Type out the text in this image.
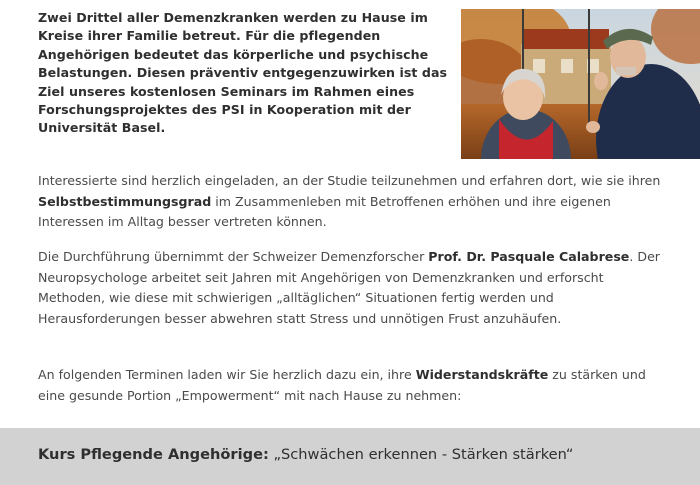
Zwei Drittel aller Demenzkranken werden zu Hause im Kreise ihrer Familie betreut. Für die pflegenden Angehörigen bedeutet das körperliche und psychische Belastungen. Diesen präventiv entgegenzuwirken ist das Ziel unseres kostenlosen Seminars im Rahmen eines Forschungsprojektes des PSI in Kooperation mit der Universität Basel.
Interessierte sind herzlich eingeladen, an der Studie teilzunehmen und erfahren dort, wie sie ihren Selbstbestimmungsgrad im Zusammenleben mit Betroffenen erhöhen und ihre eigenen Interessen im Alltag besser vertreten können.
Die Durchführung übernimmt der Schweizer Demenzforscher Prof. Dr. Pasquale Calabrese. Der Neuropsychologe arbeitet seit Jahren mit Angehörigen von Demenzkranken und erforscht Methoden, wie diese mit schwierigen „alltäglichen“ Situationen fertig werden und Herausforderungen besser abwehren statt Stress und unnötigen Frust anzuhäufen.
An folgenden Terminen laden wir Sie herzlich dazu ein, ihre Widerstandskräfte zu stärken und eine gesunde Portion „Empowerment“ mit nach Hause zu nehmen:
Kurs Pflegende Angehörige: „Schwächen erkennen - Stärken stärken“
